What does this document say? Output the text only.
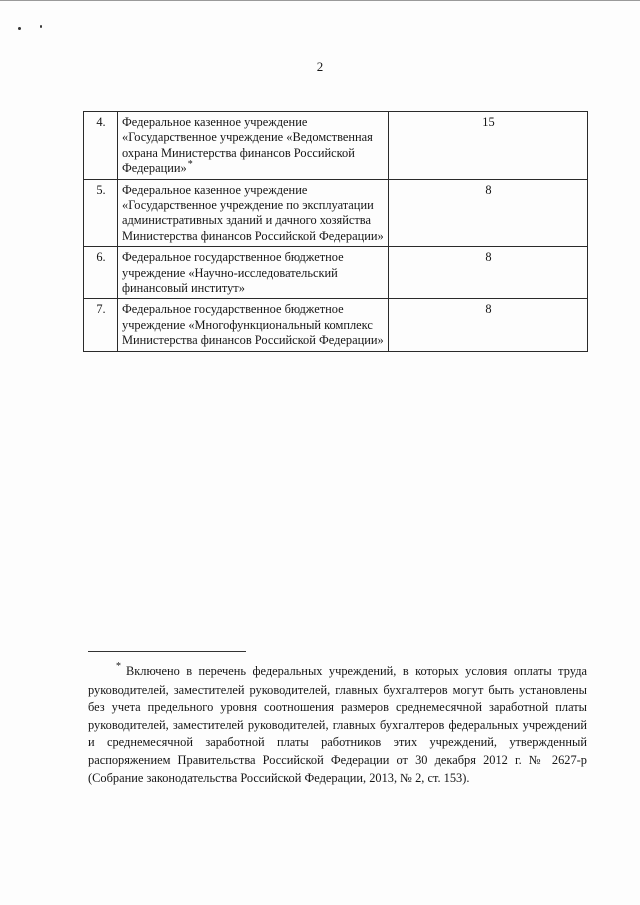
2
4.	Федеральное казенное учреждение «Государственное учреждение «Ведомственная охрана Министерства финансов Российской Федерации»*	15
5.	Федеральное казенное учреждение «Государственное учреждение по эксплуатации административных зданий и дачного хозяйства Министерства финансов Российской Федерации»	8
6.	Федеральное государственное бюджетное учреждение «Научно-исследовательский финансовый институт»	8
7.	Федеральное государственное бюджетное учреждение «Многофункциональный комплекс Министерства финансов Российской Федерации»	8
* Включено в перечень федеральных учреждений, в которых условия оплаты труда руководителей, заместителей руководителей, главных бухгалтеров могут быть установлены без учета предельного уровня соотношения размеров среднемесячной заработной платы руководителей, заместителей руководителей, главных бухгалтеров федеральных учреждений и среднемесячной заработной платы работников этих учреждений, утвержденный распоряжением Правительства Российской Федерации от 30 декабря 2012 г. № 2627-р (Собрание законодательства Российской Федерации, 2013, № 2, ст. 153).
